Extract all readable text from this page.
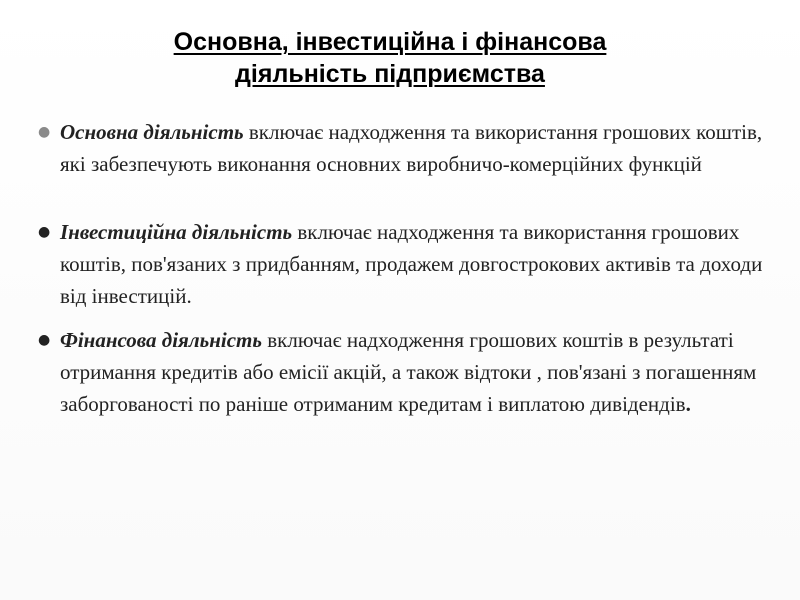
Основна, інвестиційна і фінансова
діяльність підприємства

● Основна діяльність включає надходження та використання грошових коштів, які забезпечують виконання основних виробничо-комерційних функцій

● Інвестиційна діяльність включає надходження та використання грошових коштів, пов'язаних з придбанням, продажем довгострокових активів та доходи від інвестицій.

● Фінансова діяльність включає надходження грошових коштів в результаті отримання кредитів або емісії акцій, а також відтоки , пов'язані з погашенням заборгованості по раніше отриманим кредитам і виплатою дивідендів.
